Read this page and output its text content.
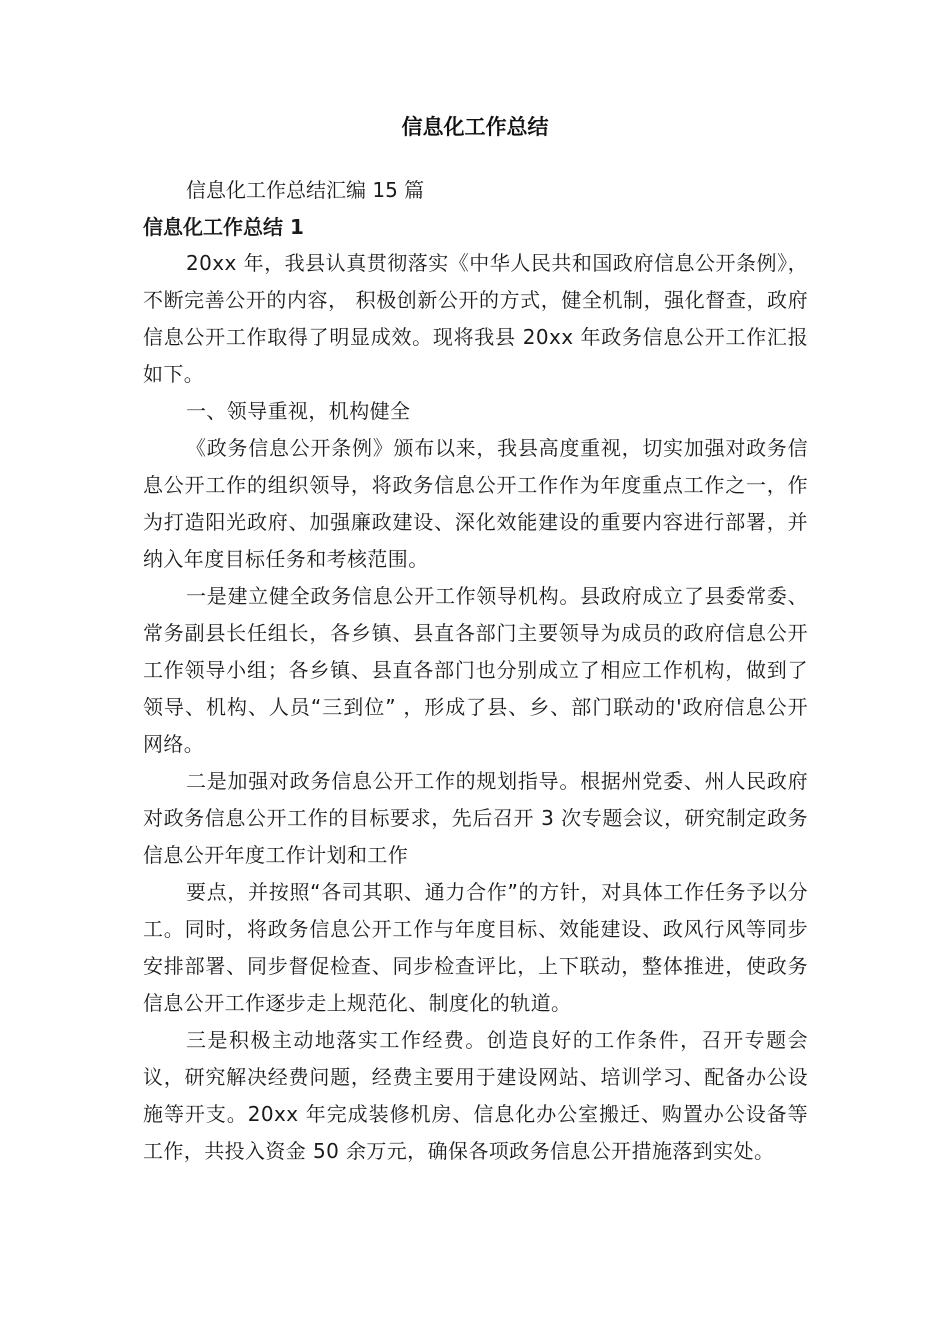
信息化工作总结
信息化工作总结汇编 15 篇
信息化工作总结 1

20xx 年，我县认真贯彻落实《中华人民共和国政府信息公开条例》，不断完善公开的内容， 积极创新公开的方式，健全机制，强化督查，政府信息公开工作取得了明显成效。现将我县 20xx 年政务信息公开工作汇报如下。

一、领导重视，机构健全

《政务信息公开条例》颁布以来，我县高度重视，切实加强对政务信息公开工作的组织领导，将政务信息公开工作作为年度重点工作之一，作为打造阳光政府、加强廉政建设、深化效能建设的重要内容进行部署，并纳入年度目标任务和考核范围。

一是建立健全政务信息公开工作领导机构。县政府成立了县委常委、常务副县长任组长，各乡镇、县直各部门主要领导为成员的政府信息公开工作领导小组；各乡镇、县直各部门也分别成立了相应工作机构，做到了领导、机构、人员“三到位” ，形成了县、乡、部门联动的'政府信息公开网络。

二是加强对政务信息公开工作的规划指导。根据州党委、州人民政府对政务信息公开工作的目标要求，先后召开 3 次专题会议，研究制定政务信息公开年度工作计划和工作

要点，并按照“各司其职、通力合作”的方针，对具体工作任务予以分工。同时，将政务信息公开工作与年度目标、效能建设、政风行风等同步安排部署、同步督促检查、同步检查评比，上下联动，整体推进，使政务信息公开工作逐步走上规范化、制度化的轨道。

三是积极主动地落实工作经费。创造良好的工作条件，召开专题会议，研究解决经费问题，经费主要用于建设网站、培训学习、配备办公设施等开支。20xx 年完成装修机房、信息化办公室搬迁、购置办公设备等工作，共投入资金 50 余万元，确保各项政务信息公开措施落到实处。
